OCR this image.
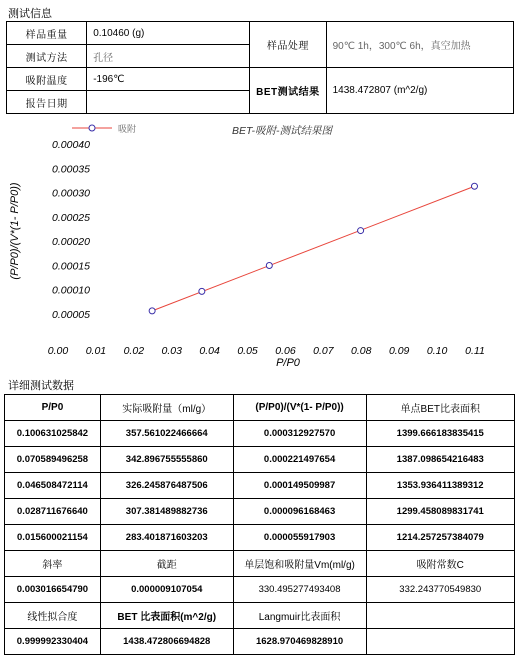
测试信息
样品重量	0.10460 (g)	样品处理	90℃ 1h，300℃ 6h，真空加热
测试方法	孔径		
吸附温度	-196℃	BET测试结果	1438.472807 (m^2/g)
报告日期			
吸附	BET-吸附-测试结果图
0.00040
0.00035
0.00030
0.00025
0.00020
0.00015
0.00010
0.00005
0.00 0.01 0.02 0.03 0.04 0.05 0.06 0.07 0.08 0.09 0.10 0.11
(P/P0)/(V*(1- P/P0))
P/P0
详细测试数据
P/P0	实际吸附量（ml/g）	(P/P0)/(V*(1- P/P0))	单点BET比表面积
0.100631025842	357.561022466664	0.000312927570	1399.666183835415
0.070589496258	342.896755555860	0.000221497654	1387.098654216483
0.046508472114	326.245876487506	0.000149509987	1353.936411389312
0.028711676640	307.381489882736	0.000096168463	1299.458089831741
0.015600021154	283.401871603203	0.000055917903	1214.257257384079
斜率	截距	单层饱和吸附量Vm(ml/g)	吸附常数C
0.003016654790	0.000009107054	330.495277493408	332.243770549830
线性拟合度	BET 比表面积(m^2/g)	Langmuir比表面积	
0.999992330404	1438.472806694828	1628.970469828910	
